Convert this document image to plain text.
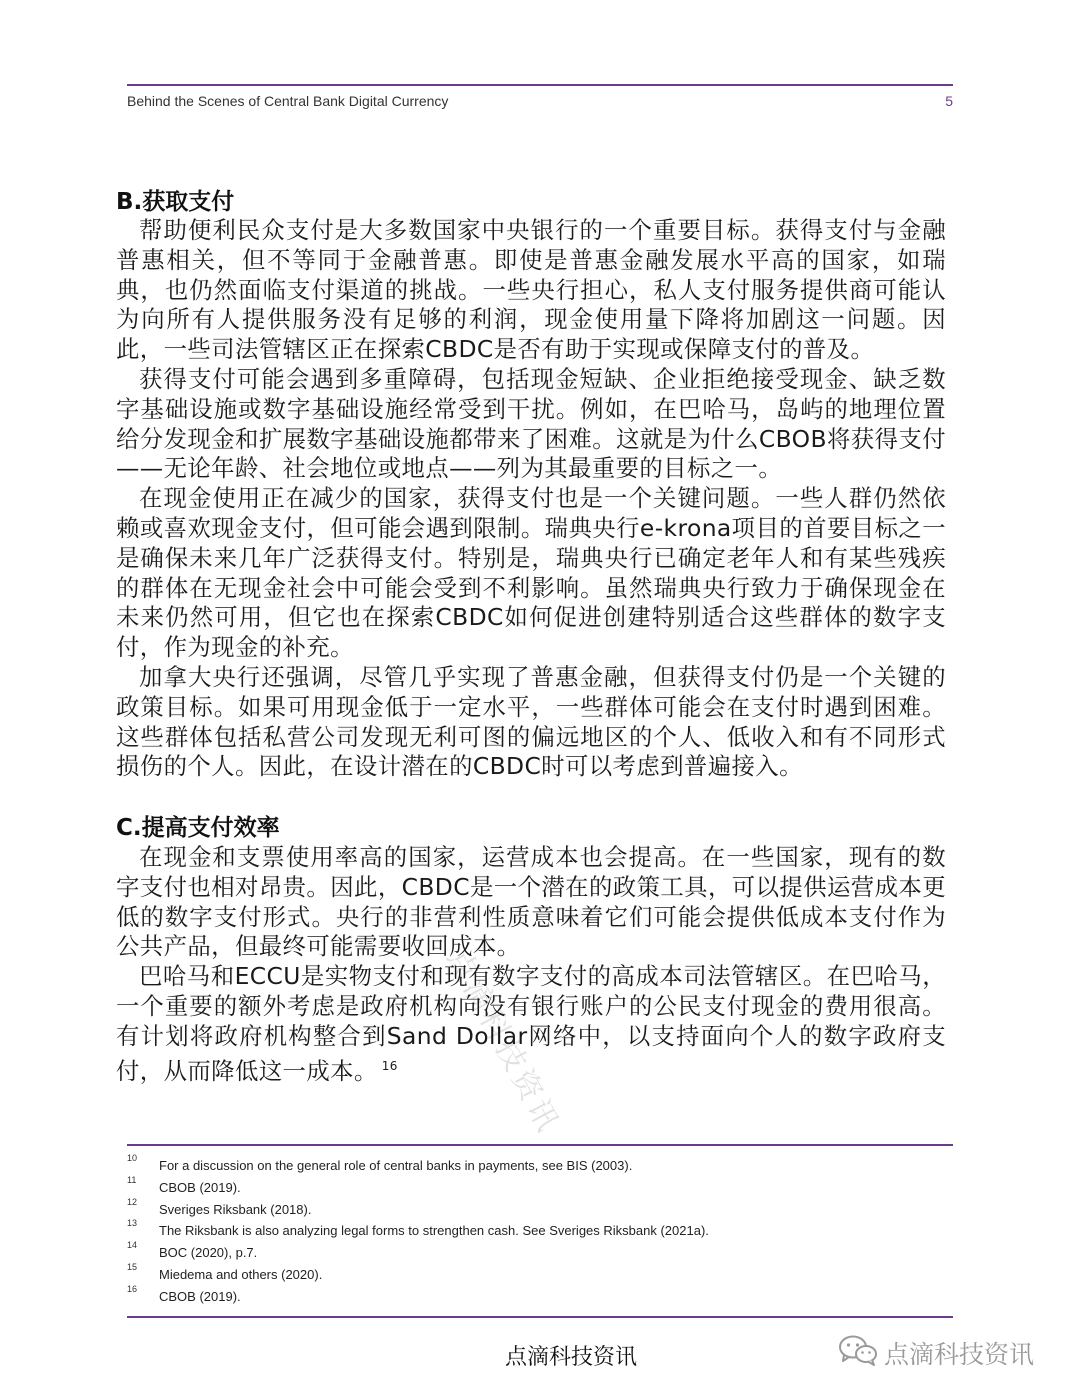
Behind the Scenes of Central Bank Digital Currency	5
B.获取支付

帮助便利民众支付是大多数国家中央银行的一个重要目标。获得支付与金融普惠相关，但不等同于金融普惠。即使是普惠金融发展水平高的国家，如瑞典，也仍然面临支付渠道的挑战。一些央行担心，私人支付服务提供商可能认为向所有人提供服务没有足够的利润，现金使用量下降将加剧这一问题。因此，一些司法管辖区正在探索CBDC是否有助于实现或保障支付的普及。

获得支付可能会遇到多重障碍，包括现金短缺、企业拒绝接受现金、缺乏数字基础设施或数字基础设施经常受到干扰。例如，在巴哈马，岛屿的地理位置给分发现金和扩展数字基础设施都带来了困难。这就是为什么CBOB将获得支付——无论年龄、社会地位或地点——列为其最重要的目标之一。

在现金使用正在减少的国家，获得支付也是一个关键问题。一些人群仍然依赖或喜欢现金支付，但可能会遇到限制。瑞典央行e-krona项目的首要目标之一是确保未来几年广泛获得支付。特别是，瑞典央行已确定老年人和有某些残疾的群体在无现金社会中可能会受到不利影响。虽然瑞典央行致力于确保现金在未来仍然可用，但它也在探索CBDC如何促进创建特别适合这些群体的数字支付，作为现金的补充。

加拿大央行还强调，尽管几乎实现了普惠金融，但获得支付仍是一个关键的政策目标。如果可用现金低于一定水平，一些群体可能会在支付时遇到困难。这些群体包括私营公司发现无利可图的偏远地区的个人、低收入和有不同形式损伤的个人。因此，在设计潜在的CBDC时可以考虑到普遍接入。

点滴科技资讯
C.提高支付效率

在现金和支票使用率高的国家，运营成本也会提高。在一些国家，现有的数字支付也相对昂贵。因此，CBDC是一个潜在的政策工具，可以提供运营成本更低的数字支付形式。央行的非营利性质意味着它们可能会提供低成本支付作为公共产品，但最终可能需要收回成本。

巴哈马和ECCU是实物支付和现有数字支付的高成本司法管辖区。在巴哈马，一个重要的额外考虑是政府机构向没有银行账户的公民支付现金的费用很高。有计划将政府机构整合到Sand Dollar网络中，以支持面向个人的数字政府支付，从而降低这一成本。 $^{16}$

10 For a discussion on the general role of central banks in payments, see BIS (2003).
11 CBOB (2019).
12 Sveriges Riksbank (2018).
13 The Riksbank is also analyzing legal forms to strengthen cash. See Sveriges Riksbank (2021a).
14 BOC (2020), p.7.
15 Miedema and others (2020).
16 CBOB (2019).
点滴科技资讯	点滴科技资讯
